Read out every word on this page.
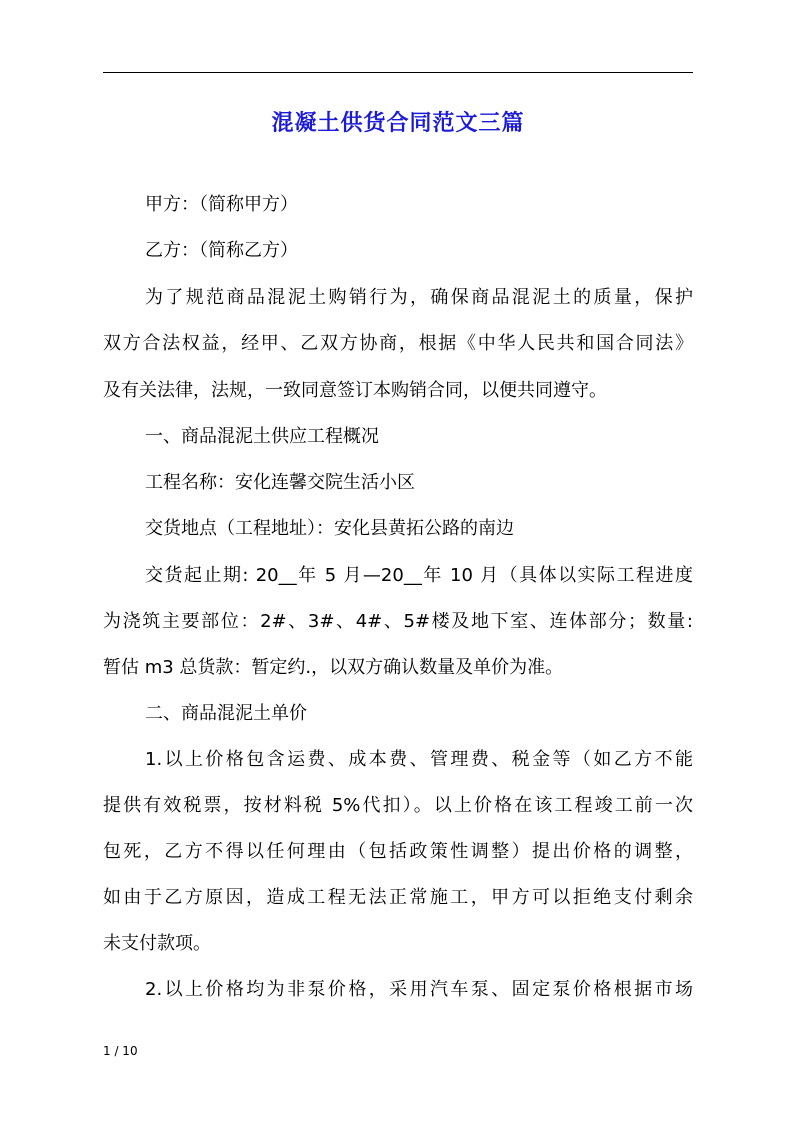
混凝土供货合同范文三篇
甲方：（简称甲方）
乙方：（简称乙方）
为了规范商品混泥土购销行为，确保商品混泥土的质量，保护
双方合法权益，经甲、乙双方协商，根据《中华人民共和国合同法》
及有关法律，法规，一致同意签订本购销合同，以便共同遵守。
一、商品混泥土供应工程概况
工程名称：安化连馨交院生活小区
交货地点（工程地址）：安化县黄拓公路的南边
交货起止期: 20__年 5 月—20__年 10 月（具体以实际工程进度
为浇筑主要部位：2#、3#、4#、5#楼及地下室、连体部分；数量:
暂估 m3 总货款：暂定约.，以双方确认数量及单价为准。
二、商品混泥土单价
1.以上价格包含运费、成本费、管理费、税金等（如乙方不能
提供有效税票，按材料税 5%代扣）。以上价格在该工程竣工前一次
包死，乙方不得以任何理由（包括政策性调整）提出价格的调整，
如由于乙方原因，造成工程无法正常施工，甲方可以拒绝支付剩余
未支付款项。
2.以上价格均为非泵价格，采用汽车泵、固定泵价格根据市场
1 / 10
